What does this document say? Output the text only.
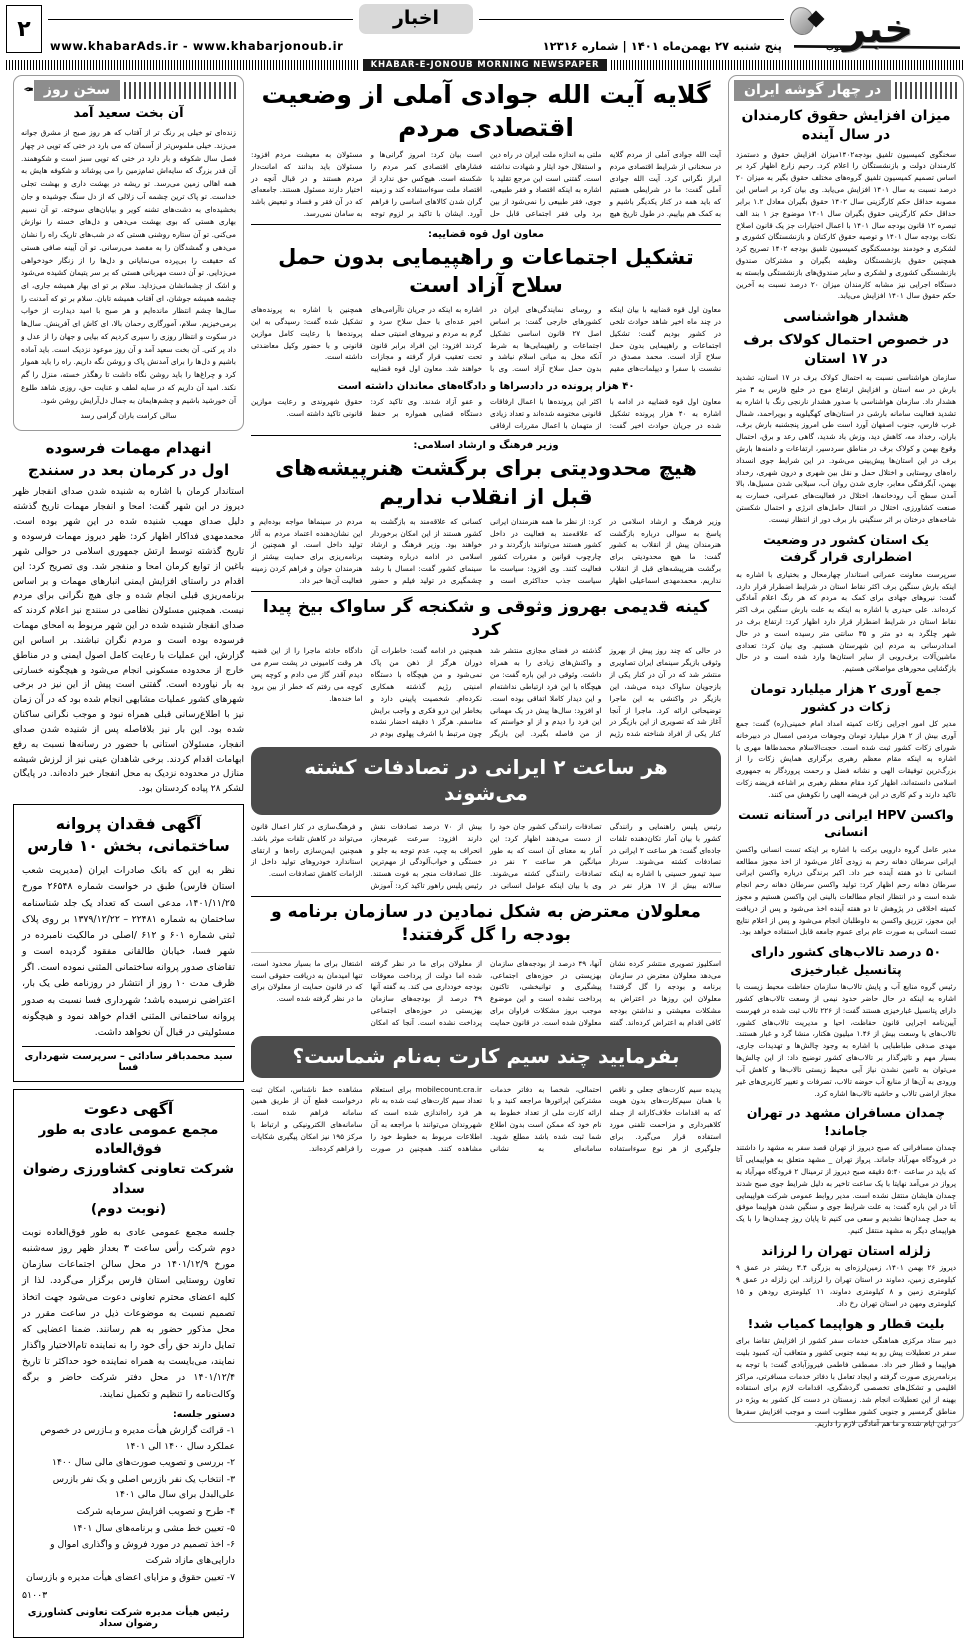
خبر
اخبار
پنج شنبه ۲۷ بهمن‌ماه ۱۴۰۱ | شماره ۱۲۳۱۶
www.khabarAds.ir - www.khabarjonoub.ir
۲
KHABAR-E-JONOUB MORNING NEWSPAPER
در چهار گوشه ایران
میزان افزایش حقوق کارمندان در سال آینده
سخنگوی کمیسیون تلفیق بودجه۱۴۰۲میزان افزایش حقوق و دستمزد کارمندان دولت و بازنشستگان را اعلام کرد. رحیم زارع اظهار کرد بر اساس تصمیم کمیسیون تلفیق گروه‌های مختلف حقوق بگیر به میزان ۲۰ درصد نسبت به سال ۱۴۰۱ افزایش می‌یابد. وی بیان کرد بر اساس این مصوبه حداقل حکم کارگزینی سال ۱۴۰۲ حقوق بگیران معادل ۱.۲ برابر حداقل حکم کارگزینی حقوق بگیران سال ۱۴۰۱ موضوع جز ۱ بند الف تبصره ۱۲ قانون بودجه سال ۱۴۰۱ با اعمال اختیارات جز یک قانون اصلاح نکات بودجه سال ۱۴۰۱ و توصیه حقوق کارکنان و بازنشستگان کشوری و لشکری و خودمند بودمسکنگوی کمیسیون تلفیق بودجه ۱۴۰۲ تصریح کرد همچنین حقوق بازنشستگان وظیفه بگیران و مشترکان صندوق بازنشستگی کشوری و لشکری و سایر صندوق‌های بازنشستگی وابسته به دستگاه اجرایی نیز مشابه کارمندان میزان ۲۰ درصد نسبت به آخرین حکم حقوق سال ۱۴۰۱ افزایش می‌یابد.
هشدار هواشناسی
در خصوص احتمال کولاک برف در ۱۷ استان
سازمان هواشناسی نسبت به احتمال کولاک برف در ۱۷ استان، تشدید بارش در سه استان و افزایش ارتفاع موج در خلیج فارس به ۳ متر هشدار داد. سازمان هواشناسی با صدور هشدار نارنجی رنگ با اشاره به تشدید فعالیت سامانه بارشی در استان‌های کهگیلویه و بویراحمد، شمال غرب فارس، جنوب اصفهان آورد است طی امروز پنجشنبه بارش برف، باران، رخداد مه، کاهش دید، وزش باد شدید، گاهی رعد و برق، احتمال وقوع بهمن و کولاک برف در مناطق سردسیر، ارتفاعات و دامنه‌ها بارش برف در این استان‌ها پیش‌بینی می‌شود. در این شرایط جوی انسداد راه‌های روستایی و اختلال حمل و نقل بین شهری و درون شهری، رخداد بهمن، آبگرفتگی معابر، جاری شدن روان آب، سیلابی شدن مسیل‌ها، بالا آمدن سطح آب رودخانه‌ها، اختلال در فعالیت‌های عمرانی، خسارت به صنعت کشاورزی، اختلال در انتقال حامل‌های انرژی و احتمال شکستن شاخه‌های درختان بر اثر سنگینی بار برف دور از انتظار نیست.
یک استان کشور در وضعیت اضطراری قرار گرفت
سرپرست معاونت عمرانی استاندار چهارمحال و بختیاری با اشاره به اینکه بارش سنگین برف اکثر نقاط استان در شرایط اضطرار قرار دارد، گفت: نیروهای جهادی برای کمک به مردم که هر رنگ اعلام آمادگی کرده‌اند. علی حیدری با اشاره به اینکه به علت بارش سنگین برف اکثر نقاط استان در شرایط اضطرار قرار دارد اظهار کرد: ارتفاع برف در شهر چلگرد به دو متر و ۳۵ سانتی متر رسیده است و در حال امدادرسانی به مردم این شهرستان هستیم. وی بیان کرد: تعدادی ماشین‌آلات برف‌روبی از سایر استان‌ها وارد شده است و در حال بازگشایی محورهای مواصلاتی هستیم.
جمع آوری ۲ هزار میلیارد تومان زکات در کشور
مدیر کل امور اجرایی زکات کمیته امداد امام خمینی(ره) گفت: جمع آوری بیش از ۲ هزار میلیارد تومان وجوهات مردمی امسال در دبیرخانه شورای زکات کشور ثبت شده است. حجت‌الاسلام محمدطاها مهری با اشاره به اینکه مقام معظم رهبری برگزاری همایش زکات را از بزرگ‌ترین توفیقات الهی و نشانه فضل و رحمت پروردگار به جمهوری اسلامی دانسته‌اند، اظهار کرد مقام معظم رهبری بر اشاعه فریضه زکات تاکید دارند و کم کاری در این فریضه الهی را نکوهش می کنند.
واکسن HPV ایرانی در آستانه تست انسانی
مدیر عامل گروه دارویی برکت با اشاره بر اینکه تست انسانی واکسن ایرانی سرطان دهانه رحم به زودی آغاز می‌شود از اخذ مجوز مطالعه انسانی تا دو هفته آینده خبر داد. اکبر برندگی درباره واکسن ایرانی سرطان دهانه رحم اظهار کرد: تولید واکسن سرطان دهانه رحم انجام شده است و در انتظار انجام مطالعات بالینی این واکسن هستیم و مجوز کمیته اخلاقی در پژوهش تا دو هفته آینده اخذ می‌شود و پس از دریافت این مجوز، تزریق واکسن به داوطلبان انجام می‌شود و پس از اعلام نتایج تست انسانی به صورت عام برای عموم جامعه قابل استفاده خواهد بود.
۵۰ درصد تالاب‌های کشور دارای پتانسیل غبارخیزی
رئیس گروه منابع آب و پایش تالاب‌ها سازمان حفاظت محیط زیست با اشاره به اینکه در حال حاضر حدود نیمی از وسعت تالاب‌های کشور دارای پتانسیل غبارخیزی هستند گفت: از ۲۲۶ تالاب ثبت شده در فهرست آیین‌نامه اجرایی قانون حفاظت، احیا و مدیریت تالاب‌های کشور، تالاب‌های با وسعت بیش از ۱.۴۶ میلیون هکتار، منشا گرد و غبار هستند. مهدی صدقی طباطبایی با اشاره به وجود چالش‌ها و تهدیدات جاری، بسیار مهم و تاثیرگذار بر تالاب‌های کشور توضیح داد: از این چالش‌ها می‌توان به تامین نشدن نیاز آبی محیط زیستی تالاب‌ها و کاهش آب ورودی به آن‌ها از منابع آب حوضه تالاب، تصرفات و تغییر کاربری‌های غیر مجاز اراضی تالاب و حاشیه تالاب‌ها اشاره کرد.
چمدان مسافران مشهد در تهران جاماند!
چمدان مسافرانی که صبح دیروز از تهران قصد سفر به مشهد را داشتند در فرودگاه مهرآباد جاماند. پرواز تهران _ مشهد متعلق به هواپیمایی آتا که باید در ساعت ۵:۴۰ دقیقه صبح دیروز از ترمینال ۲ فرودگاه مهرآباد به پرواز در می‌آمد نهایتا با یک ساعت تاخیر به دلیل شرایط جوی صبح شدند چمدان هایشان منتقل نشده است. مدیر روابط عمومی شرکت هواپیمایی آتا در این باره گفت: به علت شرایط جوی و سنگین شدن هواپیما موفق به حمل چمدان‌ها نشدیم و سعی می کنیم تا پایان روز چمدان‌ها را با یک هواپیمای دیگر به مشهد منتقل کنیم.
زلزله استان تهران را لرزاند
دیروز ۲۶ بهمن ۱۴۰۱، زمین‌لرزه‌ای به بزرگی ۳.۴ ریشتر در عمق ۹ کیلومتری زمین، دماوند در استان تهران را لرزاند. این زلزله در عمق ۹ کیلومتری زمین و ۸ کیلومتری دماوند، ۱۱ کیلومتری رودهن و ۱۵ کیلومتری ومهن در استان تهران رخ داد.
بلیت قطار و هواپیما کمیاب شد!
دبیر ستاد مرکزی هماهنگی خدمات سفر کشور از افزایش تقاضا برای سفر در تعطیلات پیش رو به نیمه جنوبی کشور و متعاقب آن، کمبود بلیت هواپیما و قطار خبر داد. مصطفی فاطمی فیروزآبادی گفت: با توجه به برنامه‌ریزی صورت گرفته و ایجاد تعامل با دفاتر خدمات مسافرتی، مراکز اقلیمی و تشکل‌های تخصصی گردشگری، اقدامات لازم برای استفاده بهینه از این تعطیلات انجام شد. زمستان در دست کل کشور به ویژه در مناطق گرمسیر و جنوبی کشور مطلوب است و موجب افزایش سفرها در این ایام شده و ما هم آمادگی لازم را داریم.
گلایه آیت الله جوادی آملی از وضعیت اقتصادی مردم
آیت الله جوادی آملی از مردم گلایه در سخنانی از شرایط اقتصادی مردم ابراز نگرانی کرد. آیت الله جوادی آملی گفت: ما در شرایطی هستیم که باید همه در کنار یکدیگر باشیم و به کمک هم بیاییم. در طول تاریخ هیچ ملتی به اندازه ملت ایران در راه دین و استقلال خود ایثار و شهادت نداشته است. گفتنی است این مرجع تقلید با اشاره به اینکه اقتصاد و فقر طبیعی، جوی، فقر طبیعی را نمی‌شود از بین برد ولی فقر اجتماعی قابل حل است بیان کرد: امروز گرانی‌ها و فشارهای اقتصادی کمر مردم را شکسته است. هیچ‌کس حق ندارد از اقتصاد ملت سوءاستفاده کند و زمینه گران شدن کالاهای اساسی را فراهم آورد. ایشان با تاکید بر لزوم توجه مسئولان به معیشت مردم افزود: مسئولان باید بدانند که امانت‌دار مردم هستند و در قبال آنچه در اختیار دارند مسئول هستند. جامعه‌ای که در آن فقر و فساد و تبعیض باشد به سامان نمی‌رسد.
معاون اول قوه قضاییه:
تشکیل اجتماعات و راهپیمایی بدون حمل سلاح آزاد است
معاون اول قوه قضاییه با بیان اینکه در چند ماه اخیر شاهد حوادث تلخی در کشور بودیم گفت: تشکیل اجتماعات و راهپیمایی بدون حمل سلاح آزاد است. محمد مصدق در نشست با سفرا و دیپلمات‌های مقیم و روسای نمایندگی‌های ایران در کشورهای خارجی گفت: بر اساس اصل ۲۷ قانون اساسی تشکیل اجتماعات و راهپیمایی‌ها به شرط آنکه مخل به مبانی اسلام نباشد و بدون حمل سلاح آزاد است. وی با اشاره به اینکه در جریان ناآرامی‌های اخیر عده‌ای با حمل سلاح سرد و گرم به مردم و نیروهای امنیتی حمله کردند افزود: این افراد برابر قانون تحت تعقیب قرار گرفته و مجازات خواهند شد. معاون اول قوه قضاییه همچنین با اشاره به پرونده‌های تشکیل شده گفت: رسیدگی به این پرونده‌ها با رعایت کامل موازین قانونی و با حضور وکیل معاضدتی داشته است.
۴۰ هزار پرونده در دادسراها و دادگاه‌های معاندان داشته است
معاون اول قوه قضاییه در ادامه با اشاره به ۴۰ هزار پرونده تشکیل شده در جریان حوادث اخیر گفت: اکثر این پرونده‌ها با اعمال ارفاقات قانونی مختومه شده‌اند و تعداد زیادی از متهمان با اعمال مقررات ارفاقی و عفو آزاد شدند. وی تاکید کرد: دستگاه قضایی همواره بر حفظ حقوق شهروندی و رعایت موازین قانونی تاکید داشته است.
وزیر فرهنگ و ارشاد اسلامی:
هیچ محدودیتی برای برگشت هنرپیشه‌های قبل از انقلاب نداریم
وزیر فرهنگ و ارشاد اسلامی در پاسخ به سوالی درباره بازگشت هنرمندان پیش از انقلاب به کشور گفت: ما هیچ محدودیتی برای برگشت هنرپیشه‌های قبل از انقلاب نداریم. محمدمهدی اسماعیلی اظهار کرد: از نظر ما همه هنرمندان ایرانی که علاقه‌مند به فعالیت در داخل کشور هستند می‌توانند بازگردند و در چارچوب قوانین و مقررات کشور فعالیت کنند. وی افزود: سیاست ما سیاست جذب حداکثری است و کسانی که علاقه‌مند به بازگشت به کشور هستند از این امکان برخوردار خواهند بود. وزیر فرهنگ و ارشاد اسلامی در ادامه درباره وضعیت سینمای کشور گفت: امسال با رشد چشمگیری در تولید فیلم و حضور مردم در سینماها مواجه بوده‌ایم و این نشان‌دهنده اعتماد مردم به آثار تولید داخل است. او همچنین از برنامه‌ریزی برای حمایت بیشتر از هنرمندان جوان و فراهم کردن زمینه فعالیت آن‌ها خبر داد.
کینه قدیمی بهروز وثوقی و شکنجه گر ساواک بیخ پیدا کرد
در حالی که چند روز پیش از بهروز وثوقی بازیگر سینمای ایران تصاویری منتشر شد که در آن در کنار یکی از بازجویان ساواک دیده می‌شد، این بازیگر در واکنشی به این ماجرا توضیحاتی ارائه کرد. ماجرا از آنجا آغاز شد که تصویری از این بازیگر در کنار یکی از افراد شناخته شده رژیم گذشته در فضای مجازی منتشر شد و واکنش‌های زیادی را به همراه داشت. وثوقی در این باره گفت: من هیچگاه با این فرد ارتباطی نداشته‌ام و این دیدار کاملا اتفاقی بوده است. او افزود: سال‌ها پیش در یک مهمانی این فرد را دیدم و از او خواستم که از من فاصله بگیرد. این بازیگر همچنین در ادامه گفت: خاطرات آن دوران هرگز از ذهن من پاک نمی‌شود و من هیچگاه با دستگاه امنیتی رژیم گذشته همکاری نکرده‌ام. شخصیت پایینی دارد و بخاطر این درو فکری و واجب برایش متاسفم. هرگز ۱ دقیقه احضار نشده چون مرتبط با اشرف پهلوی بودم در دادگاه حادثه ماجرا را از این قضیه هر وقت کامیونی در پشت سرم می دیدم آقدر گاز می دادم و کوچه پس کوچه می رفتم که خطر از بین برود اما خنده‌ها.
هر ساعت ۲ ایرانی در تصادفات کشته می‌شوند
رئیس پلیس راهنمایی و رانندگی کشور با بیان آمار تکان‌دهنده تلفات جاده‌ای گفت: هر ساعت ۲ ایرانی در تصادفات کشته می‌شوند. سردار سید تیمور حسینی با اشاره به اینکه سالانه بیش از ۱۷ هزار نفر در تصادفات رانندگی کشور جان خود را از دست می‌دهند اظهار کرد: این آمار به معنای آن است که به طور میانگین هر ساعت ۲ نفر در تصادفات رانندگی کشته می‌شوند. وی با بیان اینکه عوامل انسانی در بیش از ۷۰ درصد تصادفات نقش دارند افزود: سرعت غیرمجاز، انحراف به چپ، عدم توجه به جلو و خستگی و خواب‌آلودگی از مهم‌ترین علل تصادفات منجر به فوت هستند. رئیس پلیس راهور تاکید کرد: آموزش و فرهنگ‌سازی در کنار اعمال قانون می‌تواند در کاهش تلفات موثر باشد. همچنین ایمن‌سازی راه‌ها و ارتقای استاندارد خودروهای تولید داخل از الزامات کاهش تصادفات است.
معلولان معترض به شکل نمادین در سازمان برنامه و بودجه را گل گرفتند!
اسکلیوز تصویری منتشر کرده نشان می‌دهد معلولان معترض در سازمان برنامه و بودجه را گل گرفتند! معلولان این روزها در اعتراض به مشکلات معیشتی و نداشتن بودجه کافی اقدام به اعتراض کرده‌اند. گفته آنها، ۴۹ درصد از بودجه‌های سازمان بهزیستی در حوزه‌های اجتماعی، پیشگیری و توانبخشی، تاکنون پرداخت نشده است و این موضوع موجب بروز مشکلات فراوان برای معلولان شده است. در قانون حمایت از معلولان برای ما در نظر گرفته شده اما دولت از پرداخت معوقات بودجه خودداری می کند. به گفته آنها ۴۹ درصد از بودجه‌های سازمان بهزیستی در حوزه‌های اجتماعی پرداخت نشده است. آنجا که امکان اشتغال برای ما بسیار محدود است، تنها امیدمان به دریافت حقوقی است که در قانون حمایت از معلولان برای ما در نظر گرفته شده است.
بفرمایید چند سیم کارت به‌نام شماست؟
پدیده سیم کارت‌های جعلی و ناقص با همان سیم‌کارت‌های بدون هویت که به اقدامات خلاف‌کارانه از جمله کلاهبرداری و مزاحمت تلفنی مورد استفاده قرار می‌گیرد. برای جلوگیری از هر نوع سوءاستفاده احتمالی، شخصا به دفاتر خدمات مشترکین اپراتورها مراجعه کنید و با ارائه کارت ملی از تعداد خطوط به نام خود که ممکن است بدون اطلاع شما ثبت شده باشد مطلع شوید. سامانه‌ای به نشانی mobilecount.cra.ir برای استعلام تعداد سیم کارت‌های ثبت شده به نام هر فرد راه‌اندازی شده است که شهروندان می‌توانند با مراجعه به آن اطلاعات مربوط به خطوط خود را مشاهده کنند. همچنین در صورت مشاهده خط ناشناس، امکان ثبت درخواست قطع آن از طریق همین سامانه فراهم شده است. سامانه‌های الکترونیکی و ارتباط با مرکز ۱۹۵ نیز امکان پیگیری شکایات را فراهم کرده‌اند.
سخن روز
✒
آن بخت سعید آمد
زنده‌ای تو خیلی پر رنگ تر از آفتاب که هر روز صبح از مشرق جوانه می‌زند. خیلی ملموس‌تر از آسمان که می بارد در ختی که تویی در چهار فصل سال شکوفه و بار دارد در ختی که تویی سبز است و شکوهمند. آن قدر بزرگ که سایه‌اش تمام‌زمین را می پوشاند و شکوفه هایش به همه اهالی زمین می‌رسد. تو ریشه در بهشت داری و بهشت تجلی خداست. تو پاک ترین چشمه آب زلالی که از دل سنگ جوشیده و جان بخشیده‌ای به دشت‌های تشنه کویر و بیابان‌های سوخته. تو آن نسیم بهاری هستی که بوی بهشت می‌دهی و دل‌های خسته را نوازش می‌کنی. تو آن ستاره روشنی هستی که در شب‌های تاریک راه را نشان می‌دهی و گمشدگان را به مقصد می‌رسانی. تو آن آیینه صافی هستی که حقیقت را بی‌پرده می‌نمایانی و دل‌ها را از زنگار خودخواهی می‌زدایی. تو آن دست مهربانی هستی که بر سر یتیمان کشیده می‌شود و اشک از چشمانشان می‌زداید. سلام بر تو ای بهار همیشه جاری، ای چشمه همیشه جوشان، ای آفتاب همیشه تابان. سلام بر تو که آمدنت را سال‌ها چشم انتظار مانده‌ایم و هر صبح با امید دیدارت از خواب برمی‌خیزیم. سلام، آمورگاری رحمان بالا، ای کاش ای آفرینش. سال‌ها در سکوت و انتظار روزی را سپری کردیم که بیایی و جهان را از عدل و داد پر کنی. آن بخت سعید آمد و آن روز موعود نزدیک است. باید آماده باشیم و دل‌ها را برای آمدنش پاک و روشن نگه داریم. راه را باید هموار کرد و چراغ‌ها را باید روشن نگاه داشت تا رهگذر خسته، منزل را گم نکند. امید آن داریم که در سایه لطف و عنایت حق، روزی شاهد طلوع آن خورشید باشیم و چشم‌هایمان به جمال دل‌آرایش روشن شود.
سالی کرامت باران گرامی رسد
انهدام مهمات فرسوده
اول در کرمان بعد در سنندج
استاندار کرمان با اشاره به شنیده شدن صدای انفجار ظهر دیروز در این شهر گفت: امحا و انفجار مهمات تاریخ گذشته دلیل صدای مهیب شنیده شده در این شهر بوده است. محمدمهدی فداکار اظهار کرد: ظهر دیروز مهمات فرسوده و تاریخ گذشته توسط ارتش جمهوری اسلامی در حوالی شهر باغین از توابع کرمان امحا و منفجر شد. وی تصریح کرد: این اقدام در راستای افزایش ایمنی انبارهای مهمات و بر اساس برنامه‌ریزی قبلی انجام شده و جای هیچ نگرانی برای مردم نیست. همچنین مسئولان نظامی در سنندج نیز اعلام کردند که صدای انفجار شنیده شده در این شهر مربوط به امحای مهمات فرسوده بوده است و مردم نگران نباشند. بر اساس این گزارش، این عملیات با رعایت کامل اصول ایمنی و در مناطق خارج از محدوده مسکونی انجام می‌شود و هیچگونه خسارتی به بار نیاورده است. گفتنی است پیش از این نیز در برخی شهرهای کشور عملیات مشابهی انجام شده بود که در آن زمان نیز با اطلاع‌رسانی قبلی همراه نبود و موجب نگرانی ساکنان شده بود. این بار نیز بلافاصله پس از شنیده شدن صدای انفجار، مسئولان استانی با حضور در رسانه‌ها نسبت به رفع ابهامات اقدام کردند. برخی شاهدان عینی نیز از لرزش شیشه منازل در محدوده نزدیک به محل انفجار خبر داده‌اند. در پایگان لشکر ۲۸ پیاده کردستان بود.
آگهی فقدان پروانه ساختمانی، بخش ۱۰ فارس
نظر به این که بانک صادرات ایران (مدیریت شعب استان فارس) طبق در خواست شماره ۲۶۵۴۸ مورخ ۱۴۰۱/۱۱/۲۵، مدعی است که تعداد یک جلد شناسنامه ساختمان به شماره ۲۲۴۸۱ – ۱۳۷۹/۱۲/۲۲ بر روی پلاک ثبتی شماره ۶۰۱ و ۶۱۲ /اصلی در مالکیت نامبرده در شهر فسا، خیابان طالقانی مفقود گردیده است و تقاضای صدور پروانه ساختمانی المثنی نموده است. اگر ظرف مدت ۱۰ روز از انتشار در روزنامه طی یک بار، اعتراضی نرسیده باشد؛ شهرداری فسا نسبت به صدور پروانه ساختمانی المثنی اقدام خواهد نمود و هیچگونه مسئولیتی در قبال آن نخواهد داشت.
سید محمدباقر سادائی – سرپرست شهرداری فسا
آگهی دعوت
مجمع عمومی عادی به طور فوق‌العاده
شرکت تعاونی کشاورزی رضوان سداد
(نوبت دوم)
جلسه مجمع عمومی عادی به طور فوق‌العاده نوبت دوم شرکت رأس ساعت ۳ بعداز ظهر روز سه‌شنبه مورخ ۱۴۰۱/۱۲/۹ در محل سالن اجتماعات سازمان تعاون روستایی استان فارس برگزار می‌گردد. لذا از کلیه اعضای محترم تعاونی دعوت می‌شود جهت اتخاذ تصمیم نسبت به موضوعات ذیل در ساعت مقرر در محل مذکور حضور به هم رسانند. ضمنا اعضایی که تمایل دارند حق رأی خود را به نماینده تام‌الاختیار واگذار نمایند، می‌بایست به همراه نماینده خود حداکثر تا تاریخ ۱۴۰۱/۱۲/۴ در محل دفتر شرکت حاضر و برگه وکالت‌نامه را تنظیم و تکمیل نمایند.
دستور جلسه:
۱- قرائت گزارش هیأت مدیره و بـازرس در خصوص عملکرد سال ۱۴۰۰ الی ۱۴۰۱
۲- بررسی و تصویب صورت‌های مالی سال ۱۴۰۰
۳- انتخاب یک نفر بازرس اصلی و یک نفر بازرس علی‌البدل برای سال مالی ۱۴۰۱
۴- طرح و تصویب افزایش سرمایه شرکت
۵- تعیین خط مشی و برنامه‌های سال ۱۴۰۱
۶- اخذ تصمیم در مورد فروش و واگذاری اموال و دارایی‌های مازاد شرکت
۷- تعیین حقوق و مزایای اعضای هیأت مدیره و بازرسان
۵۱۰۰۳
رئیس هیأت مدیره شرکت تعاونی کشاورزی رضوان سداد
